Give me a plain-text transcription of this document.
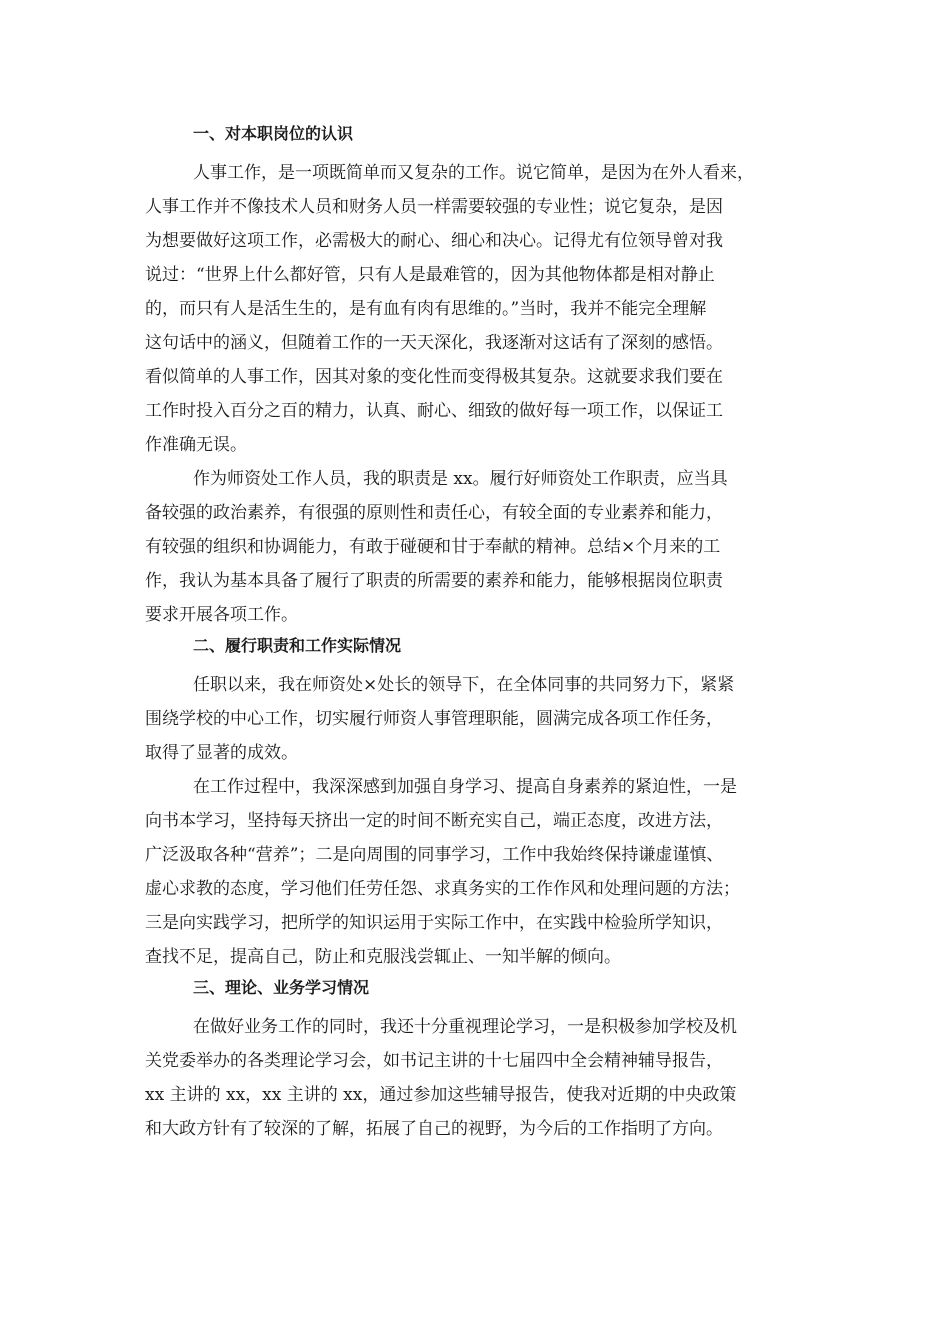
一、对本职岗位的认识

人事工作，是一项既简单而又复杂的工作。说它简单，是因为在外人看来，
人事工作并不像技术人员和财务人员一样需要较强的专业性；说它复杂，是因
为想要做好这项工作，必需极大的耐心、细心和决心。记得尤有位领导曾对我
说过：“世界上什么都好管，只有人是最难管的，因为其他物体都是相对静止
的，而只有人是活生生的，是有血有肉有思维的。”当时，我并不能完全理解
这句话中的涵义，但随着工作的一天天深化，我逐渐对这话有了深刻的感悟。
看似简单的人事工作，因其对象的变化性而变得极其复杂。这就要求我们要在
工作时投入百分之百的精力，认真、耐心、细致的做好每一项工作，以保证工
作准确无误。

作为师资处工作人员，我的职责是 xx。履行好师资处工作职责，应当具
备较强的政治素养，有很强的原则性和责任心，有较全面的专业素养和能力，
有较强的组织和协调能力，有敢于碰硬和甘于奉献的精神。总结×个月来的工
作，我认为基本具备了履行了职责的所需要的素养和能力，能够根据岗位职责
要求开展各项工作。

二、履行职责和工作实际情况

任职以来，我在师资处×处长的领导下，在全体同事的共同努力下，紧紧
围绕学校的中心工作，切实履行师资人事管理职能，圆满完成各项工作任务，
取得了显著的成效。

在工作过程中，我深深感到加强自身学习、提高自身素养的紧迫性，一是
向书本学习，坚持每天挤出一定的时间不断充实自己，端正态度，改进方法，
广泛汲取各种“营养”；二是向周围的同事学习，工作中我始终保持谦虚谨慎、
虚心求教的态度，学习他们任劳任怨、求真务实的工作作风和处理问题的方法；
三是向实践学习，把所学的知识运用于实际工作中，在实践中检验所学知识，
查找不足，提高自己，防止和克服浅尝辄止、一知半解的倾向。

三、理论、业务学习情况

在做好业务工作的同时，我还十分重视理论学习，一是积极参加学校及机
关党委举办的各类理论学习会，如书记主讲的十七届四中全会精神辅导报告，
xx 主讲的 xx，xx 主讲的 xx，通过参加这些辅导报告，使我对近期的中央政策
和大政方针有了较深的了解，拓展了自己的视野，为今后的工作指明了方向。
